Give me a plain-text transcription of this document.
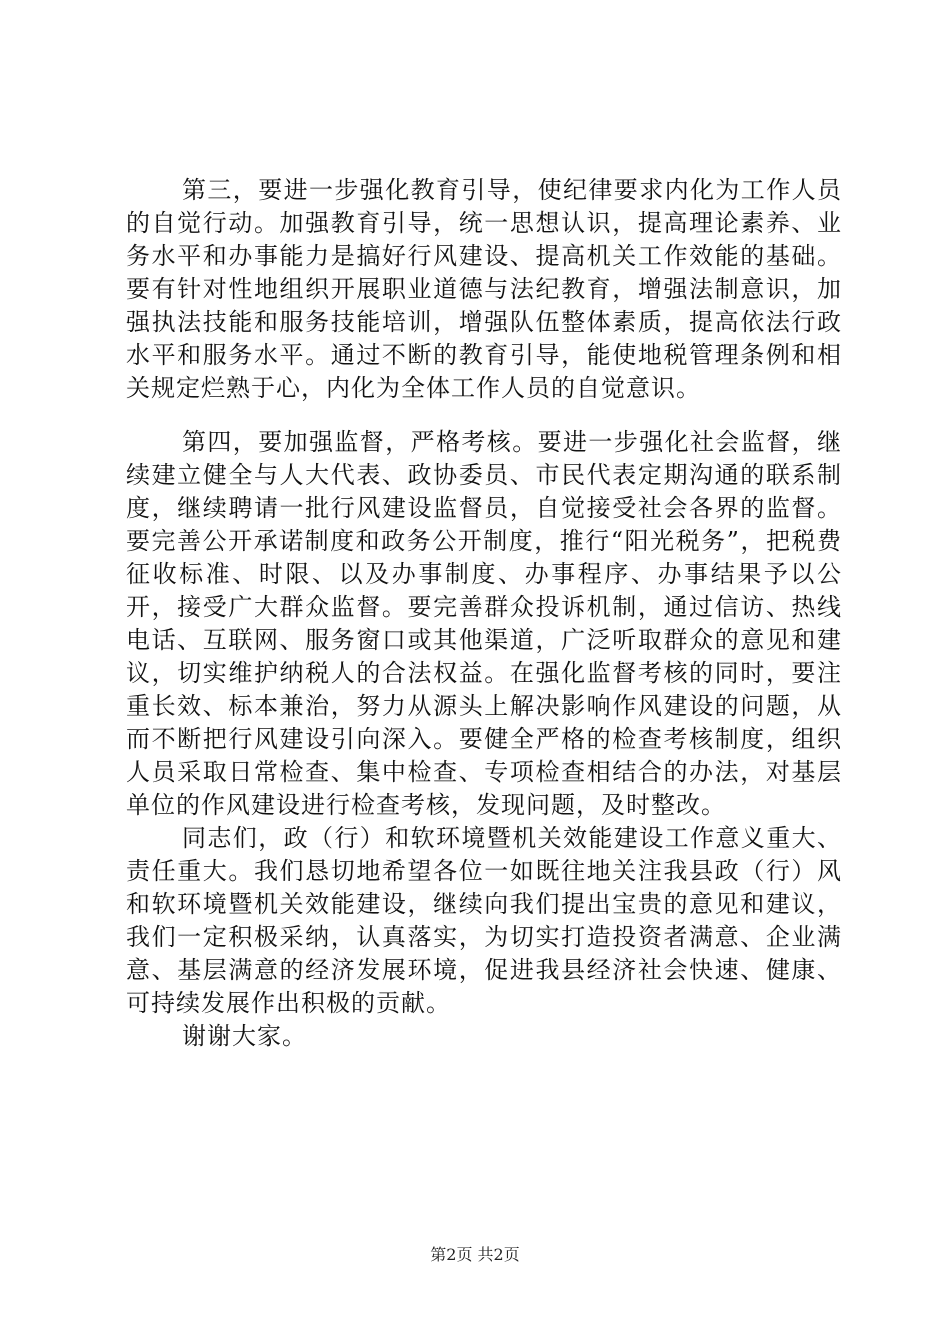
第三，要进一步强化教育引导，使纪律要求内化为工作人员的自觉行动。加强教育引导，统一思想认识，提高理论素养、业务水平和办事能力是搞好行风建设、提高机关工作效能的基础。要有针对性地组织开展职业道德与法纪教育，增强法制意识，加强执法技能和服务技能培训，增强队伍整体素质，提高依法行政水平和服务水平。通过不断的教育引导，能使地税管理条例和相关规定烂熟于心，内化为全体工作人员的自觉意识。

第四，要加强监督，严格考核。要进一步强化社会监督，继续建立健全与人大代表、政协委员、市民代表定期沟通的联系制度，继续聘请一批行风建设监督员，自觉接受社会各界的监督。要完善公开承诺制度和政务公开制度，推行“阳光税务”，把税费征收标准、时限、以及办事制度、办事程序、办事结果予以公开，接受广大群众监督。要完善群众投诉机制，通过信访、热线电话、互联网、服务窗口或其他渠道，广泛听取群众的意见和建议，切实维护纳税人的合法权益。在强化监督考核的同时，要注重长效、标本兼治，努力从源头上解决影响作风建设的问题，从而不断把行风建设引向深入。要健全严格的检查考核制度，组织人员采取日常检查、集中检查、专项检查相结合的办法，对基层单位的作风建设进行检查考核，发现问题，及时整改。

同志们，政（行）和软环境暨机关效能建设工作意义重大、责任重大。我们恳切地希望各位一如既往地关注我县政（行）风和软环境暨机关效能建设，继续向我们提出宝贵的意见和建议，我们一定积极采纳，认真落实，为切实打造投资者满意、企业满意、基层满意的经济发展环境，促进我县经济社会快速、健康、可持续发展作出积极的贡献。

谢谢大家。

第2页 共2页
